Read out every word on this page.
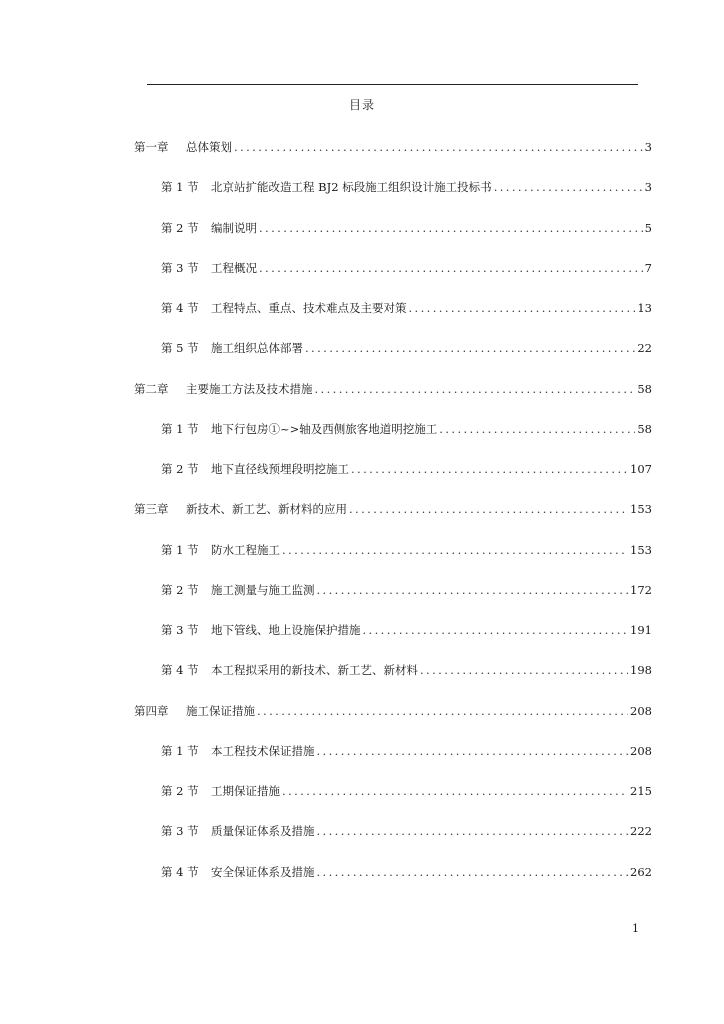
目录
第一章	总体策划 .....	3
第 1 节	北京站扩能改造工程 BJ2 标段施工组织设计施工投标书 .....	3
第 2 节	编制说明 .....	5
第 3 节	工程概况 .....	7
第 4 节	工程特点、重点、技术难点及主要对策 .....	13
第 5 节	施工组织总体部署 .....	22
第二章	主要施工方法及技术措施 .....	58
第 1 节	地下行包房①~>轴及西侧旅客地道明挖施工 .....	58
第 2 节	地下直径线预埋段明挖施工 .....	107
第三章	新技术、新工艺、新材料的应用 .....	153
第 1 节	防水工程施工 .....	153
第 2 节	施工测量与施工监测 .....	172
第 3 节	地下管线、地上设施保护措施 .....	191
第 4 节	本工程拟采用的新技术、新工艺、新材料 .....	198
第四章	施工保证措施 .....	208
第 1 节	本工程技术保证措施 .....	208
第 2 节	工期保证措施 .....	215
第 3 节	质量保证体系及措施 .....	222
第 4 节	安全保证体系及措施 .....	262
1
